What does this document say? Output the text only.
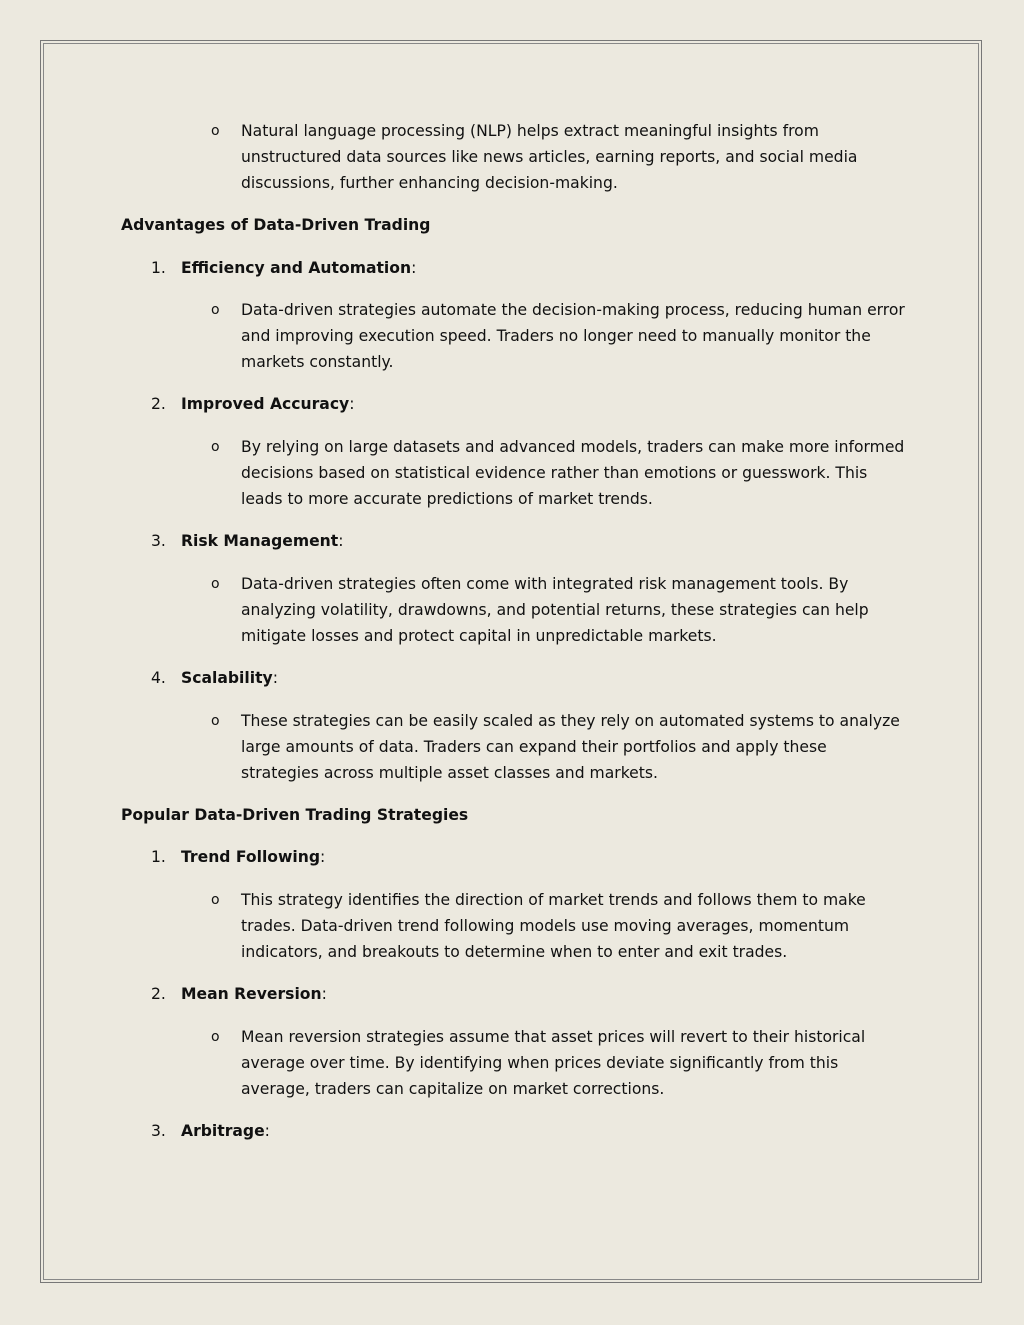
o Natural language processing (NLP) helps extract meaningful insights from unstructured data sources like news articles, earning reports, and social media discussions, further enhancing decision-making.
Advantages of Data-Driven Trading
1. Efficiency and Automation:
o Data-driven strategies automate the decision-making process, reducing human error and improving execution speed. Traders no longer need to manually monitor the markets constantly.
2. Improved Accuracy:
o By relying on large datasets and advanced models, traders can make more informed decisions based on statistical evidence rather than emotions or guesswork. This leads to more accurate predictions of market trends.
3. Risk Management:
o Data-driven strategies often come with integrated risk management tools. By analyzing volatility, drawdowns, and potential returns, these strategies can help mitigate losses and protect capital in unpredictable markets.
4. Scalability:
o These strategies can be easily scaled as they rely on automated systems to analyze large amounts of data. Traders can expand their portfolios and apply these strategies across multiple asset classes and markets.
Popular Data-Driven Trading Strategies
1. Trend Following:
o This strategy identifies the direction of market trends and follows them to make trades. Data-driven trend following models use moving averages, momentum indicators, and breakouts to determine when to enter and exit trades.
2. Mean Reversion:
o Mean reversion strategies assume that asset prices will revert to their historical average over time. By identifying when prices deviate significantly from this average, traders can capitalize on market corrections.
3. Arbitrage:
